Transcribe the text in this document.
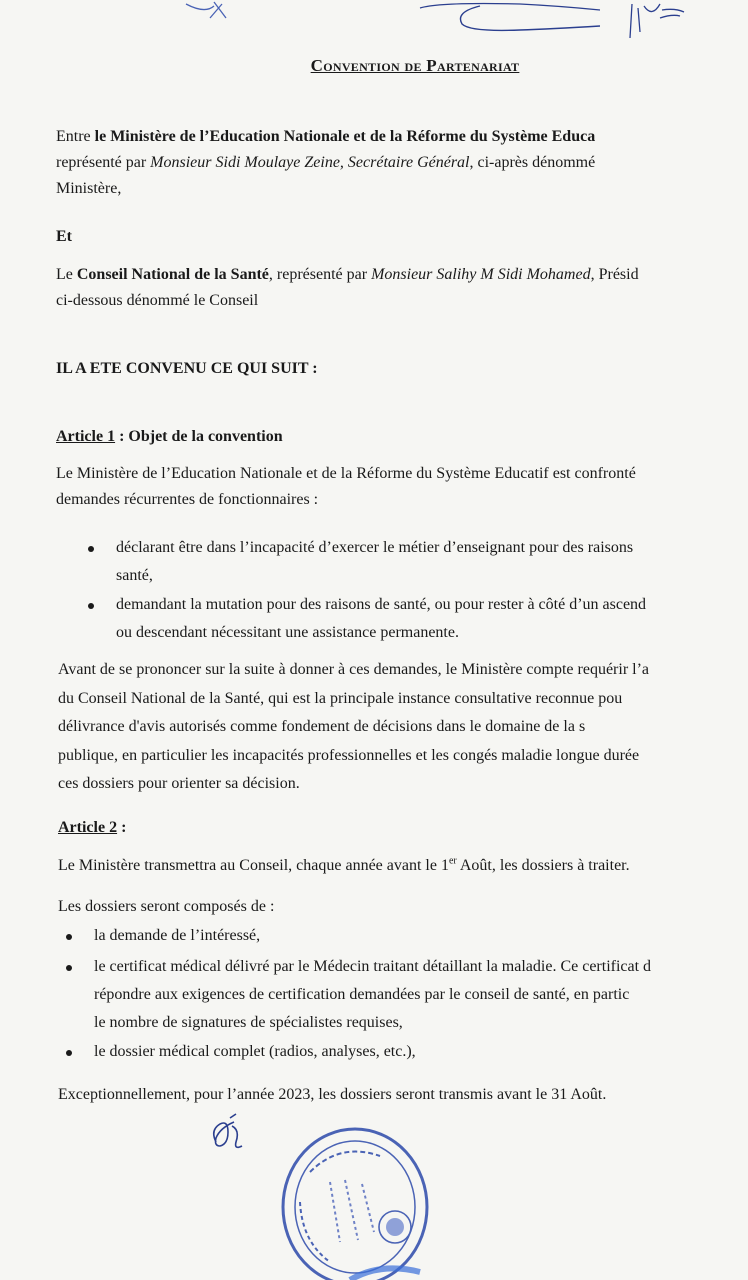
Convention de Partenariat
Entre le Ministère de l’Education Nationale et de la Réforme du Système Educa
représenté par Monsieur Sidi Moulaye Zeine, Secrétaire Général, ci-après dénommé
Ministère,
Et
Le Conseil National de la Santé, représenté par Monsieur Salihy M Sidi Mohamed, Présid
ci-dessous dénommé le Conseil
IL A ETE CONVENU CE QUI SUIT :
Article 1 : Objet de la convention
Le Ministère de l’Education Nationale et de la Réforme du Système Educatif est confronté
demandes récurrentes de fonctionnaires :
déclarant être dans l’incapacité d’exercer le métier d’enseignant pour des raisons
santé,
demandant la mutation pour des raisons de santé, ou pour rester à côté d’un ascend
ou descendant nécessitant une assistance permanente.
Avant de se prononcer sur la suite à donner à ces demandes, le Ministère compte requérir l’a
du Conseil National de la Santé, qui est la principale instance consultative reconnue pou
délivrance d'avis autorisés comme fondement de décisions dans le domaine de la s
publique, en particulier les incapacités professionnelles et les congés maladie longue durée
ces dossiers pour orienter sa décision.
Article 2 :
Le Ministère transmettra au Conseil, chaque année avant le 1er Août, les dossiers à traiter.
Les dossiers seront composés de :
la demande de l’intéressé,
le certificat médical délivré par le Médecin traitant détaillant la maladie. Ce certificat d
répondre aux exigences de certification demandées par le conseil de santé, en partic
le nombre de signatures de spécialistes requises,
le dossier médical complet (radios, analyses, etc.),
Exceptionnellement, pour l’année 2023, les dossiers seront transmis avant le 31 Août.
